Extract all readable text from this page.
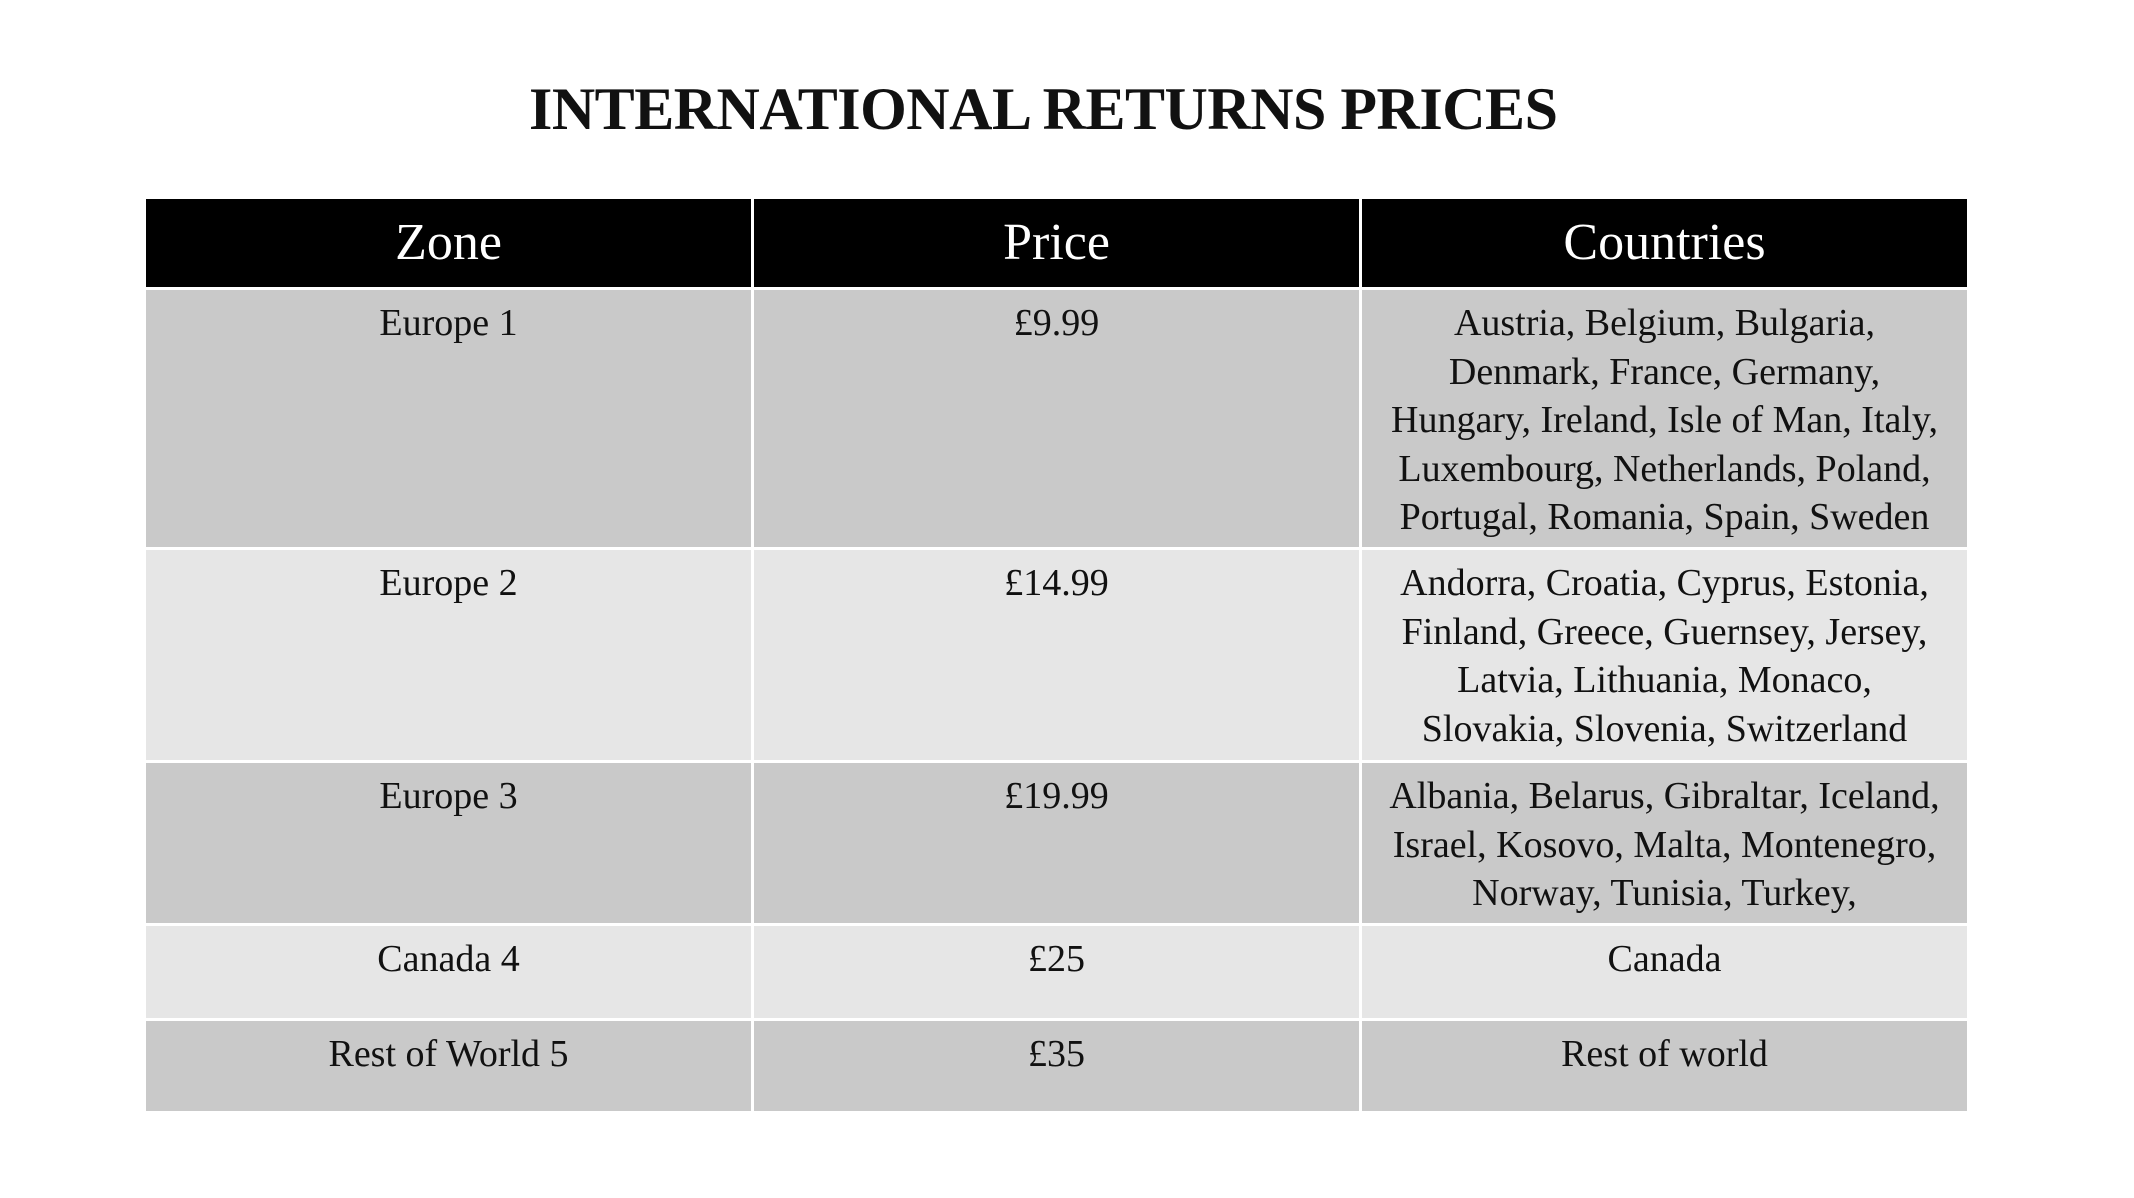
INTERNATIONAL RETURNS PRICES
Zone	Price	Countries
Europe 1	£9.99	Austria, Belgium, Bulgaria, Denmark, France, Germany, Hungary, Ireland, Isle of Man, Italy, Luxembourg, Netherlands, Poland, Portugal, Romania, Spain, Sweden

Europe 2	£14.99	Andorra, Croatia, Cyprus, Estonia, Finland, Greece, Guernsey, Jersey, Latvia, Lithuania, Monaco, Slovakia, Slovenia, Switzerland

Europe 3	£19.99	Albania, Belarus, Gibraltar, Iceland, Israel, Kosovo, Malta, Montenegro, Norway, Tunisia, Turkey,

Canada 4	£25	Canada

Rest of World 5	£35	Rest of world
